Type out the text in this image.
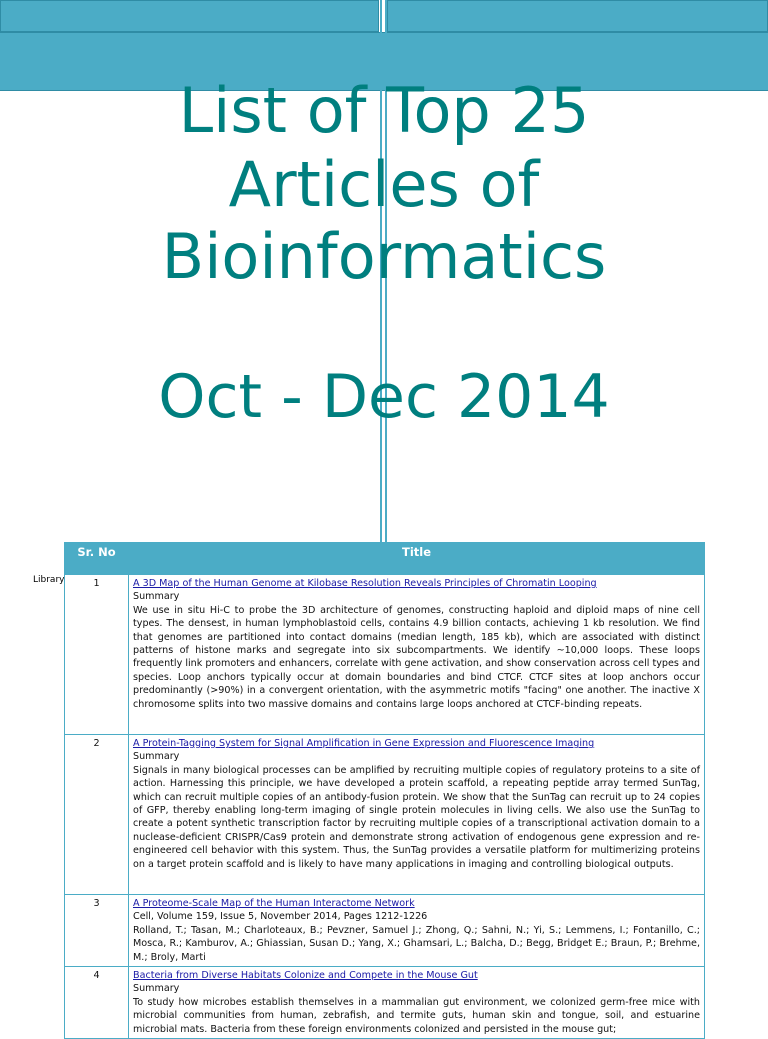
List of Top 25
Articles of
Bioinformatics
Oct - Dec 2014
Library
Sr. No	Title
1	A 3D Map of the Human Genome at Kilobase Resolution Reveals Principles of Chromatin Looping
Summary
We use in situ Hi-C to probe the 3D architecture of genomes, constructing haploid and diploid maps of nine cell types. The densest, in human lymphoblastoid cells, contains 4.9 billion contacts, achieving 1 kb resolution. We find that genomes are partitioned into contact domains (median length, 185 kb), which are associated with distinct patterns of histone marks and segregate into six subcompartments. We identify ~10,000 loops. These loops frequently link promoters and enhancers, correlate with gene activation, and show conservation across cell types and species. Loop anchors typically occur at domain boundaries and bind CTCF. CTCF sites at loop anchors occur predominantly (>90%) in a convergent orientation, with the asymmetric motifs "facing" one another. The inactive X chromosome splits into two massive domains and contains large loops anchored at CTCF-binding repeats.

2	A Protein-Tagging System for Signal Amplification in Gene Expression and Fluorescence Imaging
Summary
Signals in many biological processes can be amplified by recruiting multiple copies of regulatory proteins to a site of action. Harnessing this principle, we have developed a protein scaffold, a repeating peptide array termed SunTag, which can recruit multiple copies of an antibody-fusion protein. We show that the SunTag can recruit up to 24 copies of GFP, thereby enabling long-term imaging of single protein molecules in living cells. We also use the SunTag to create a potent synthetic transcription factor by recruiting multiple copies of a transcriptional activation domain to a nuclease-deficient CRISPR/Cas9 protein and demonstrate strong activation of endogenous gene expression and re-engineered cell behavior with this system. Thus, the SunTag provides a versatile platform for multimerizing proteins on a target protein scaffold and is likely to have many applications in imaging and controlling biological outputs.

3	A Proteome-Scale Map of the Human Interactome Network
Cell, Volume 159, Issue 5, November 2014, Pages 1212-1226
Rolland, T.; Tasan, M.; Charloteaux, B.; Pevzner, Samuel J.; Zhong, Q.; Sahni, N.; Yi, S.; Lemmens, I.; Fontanillo, C.; Mosca, R.; Kamburov, A.; Ghiassian, Susan D.; Yang, X.; Ghamsari, L.; Balcha, D.; Begg, Bridget E.; Braun, P.; Brehme, M.; Broly, Marti

4	Bacteria from Diverse Habitats Colonize and Compete in the Mouse Gut
Summary
To study how microbes establish themselves in a mammalian gut environment, we colonized germ-free mice with microbial communities from human, zebrafish, and termite guts, human skin and tongue, soil, and estuarine microbial mats. Bacteria from these foreign environments colonized and persisted in the mouse gut;
